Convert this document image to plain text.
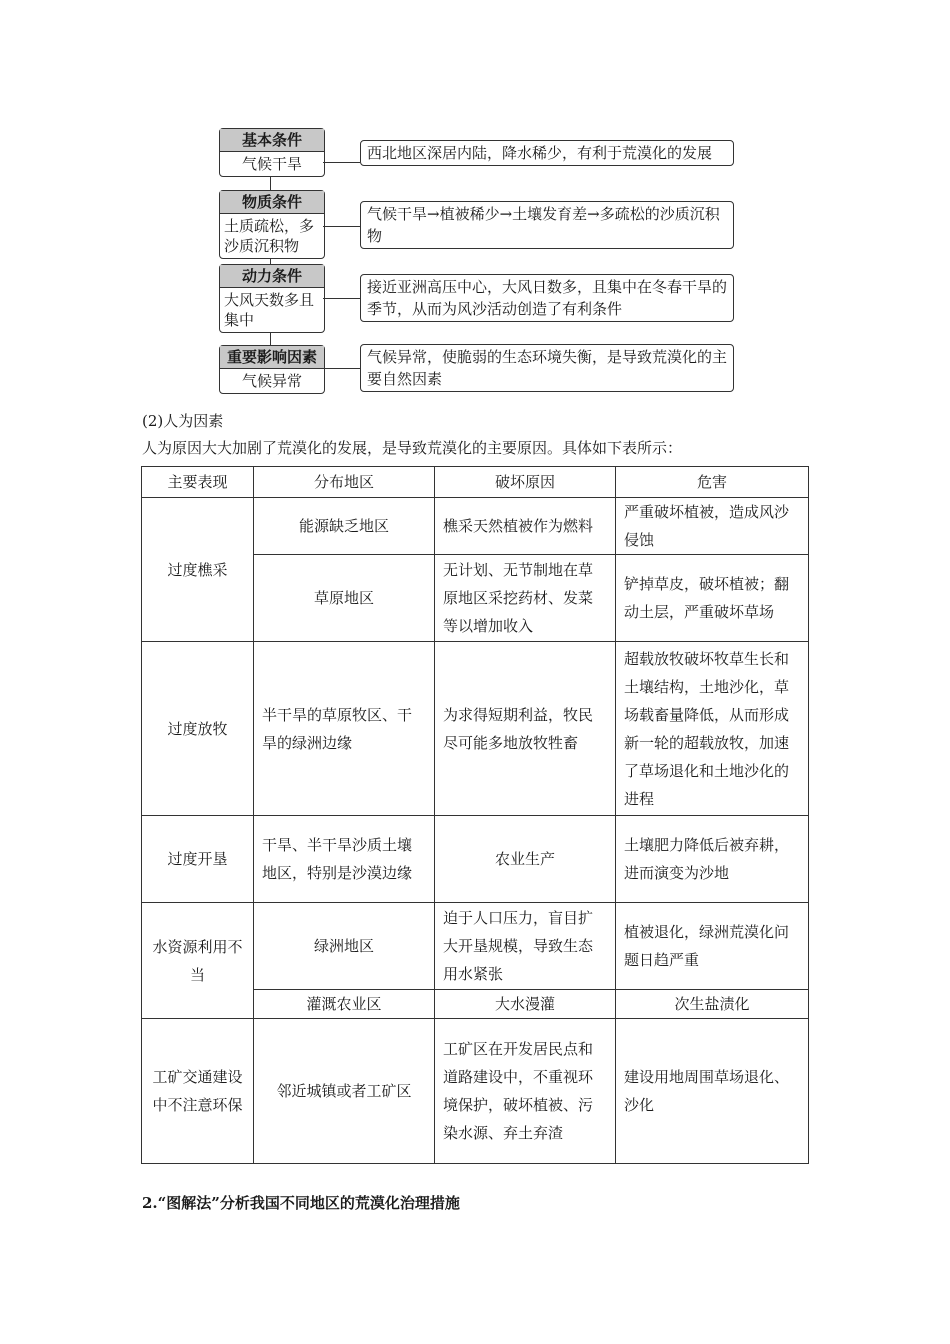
基本条件
气候干旱
西北地区深居内陆，降水稀少，有利于荒漠化的发展
物质条件
土质疏松，多沙质沉积物
气候干旱→植被稀少→土壤发育差→多疏松的沙质沉积物
动力条件
大风天数多且集中
接近亚洲高压中心，大风日数多，且集中在冬春干旱的季节，从而为风沙活动创造了有利条件
重要影响因素
气候异常
气候异常，使脆弱的生态环境失衡，是导致荒漠化的主要自然因素
(2)人为因素
人为原因大大加剧了荒漠化的发展，是导致荒漠化的主要原因。具体如下表所示：
主要表现	分布地区	破坏原因	危害
过度樵采	能源缺乏地区	樵采天然植被作为燃料	严重破坏植被，造成风沙侵蚀
	草原地区	无计划、无节制地在草原地区采挖药材、发菜等以增加收入	铲掉草皮，破坏植被；翻动土层，严重破坏草场
过度放牧	半干旱的草原牧区、干旱的绿洲边缘	为求得短期利益，牧民尽可能多地放牧牲畜	超载放牧破坏牧草生长和土壤结构，土地沙化，草场载畜量降低，从而形成新一轮的超载放牧，加速了草场退化和土地沙化的进程
过度开垦	干旱、半干旱沙质土壤地区，特别是沙漠边缘	农业生产	土壤肥力降低后被弃耕，进而演变为沙地
水资源利用不当	绿洲地区	迫于人口压力，盲目扩大开垦规模，导致生态用水紧张	植被退化，绿洲荒漠化问题日趋严重
	灌溉农业区	大水漫灌	次生盐渍化
工矿交通建设中不注意环保	邻近城镇或者工矿区	工矿区在开发居民点和道路建设中，不重视环境保护，破坏植被、污染水源、弃土弃渣	建设用地周围草场退化、沙化
2.“图解法”分析我国不同地区的荒漠化治理措施
